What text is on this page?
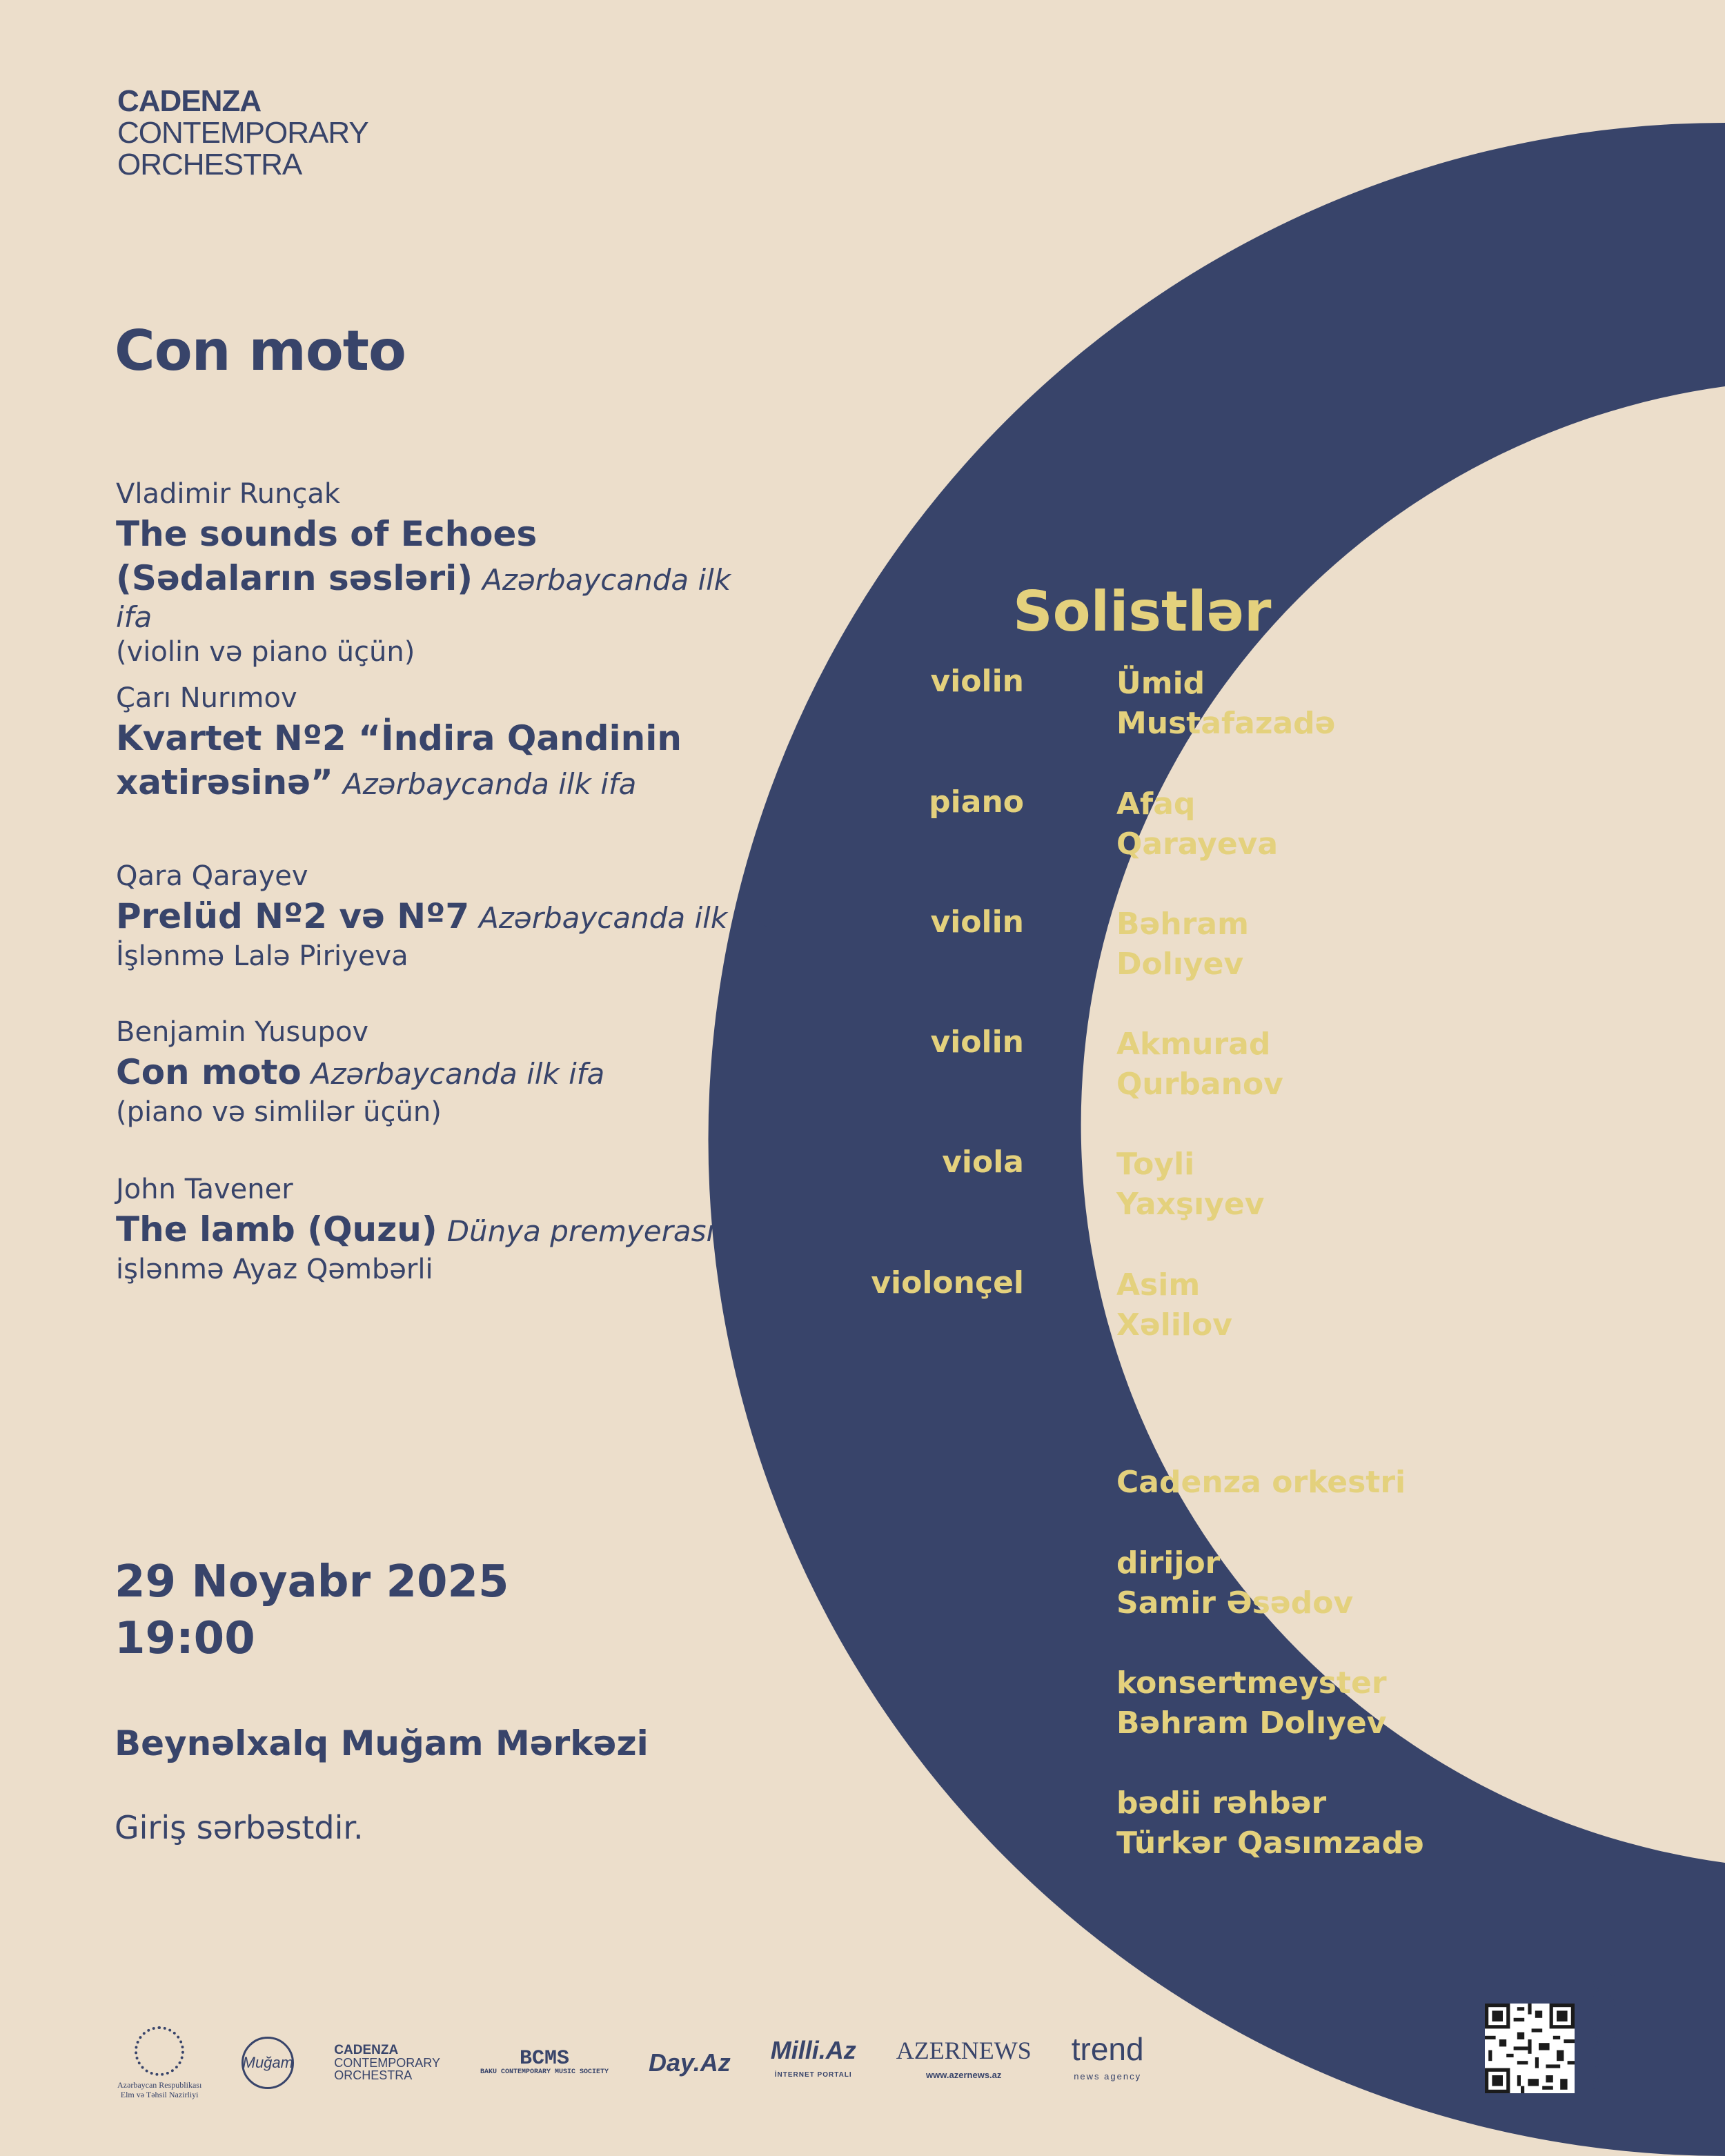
CADENZA
CONTEMPORARY
ORCHESTRA
Con moto
Vladimir Runçak
The sounds of Echoes (Sədaların səsləri) Azərbaycanda ilk ifa
(violin və piano üçün)
Çarı Nurımov
Kvartet Nº2 “İndira Qandinin xatirəsinə” Azərbaycanda ilk ifa
Qara Qarayev
Prelüd Nº2 və Nº7 Azərbaycanda ilk ifa
İşlənmə Lalə Piriyeva
Benjamin Yusupov
Con moto Azərbaycanda ilk ifa
(piano və simlilər üçün)
John Tavener
The lamb (Quzu) Dünya premyerası
işlənmə Ayaz Qəmbərli
29 Noyabr 2025
19:00
Beynəlxalq Muğam Mərkəzi
Giriş sərbəstdir.
Solistlər
violin	Ümid
Mustafazadə
piano	Afaq
Qarayeva
violin	Bəhram
Dolıyev
violin	Akmurad
Qurbanov
viola	Toyli
Yaxşıyev
violonçel	Asim
Xəlilov
Cadenza orkestri
dirijor
Samir Əsədov
konsertmeyster
Bəhram Dolıyev
bədii rəhbər
Türkər Qasımzadə
Azərbaycan Respublikası
Elm və Təhsil Nazirliyi
Muğam
CADENZA
CONTEMPORARY
ORCHESTRA
BCMS
BAKU CONTEMPORARY MUSIC SOCIETY Day.Az Milli.Az
İNTERNET PORTALI
AZERNEWS
www.azernews.az
trend
news agency	qrafik dizaynı hazırladı AYTEN ABDULLAYEVA
